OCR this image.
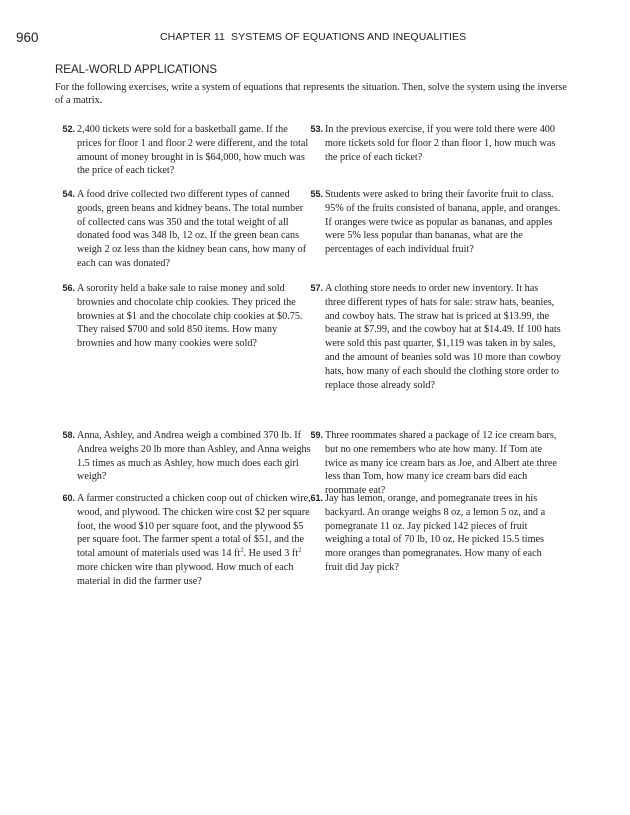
960	CHAPTER 11 SYSTEMS OF EQUATIONS AND INEQUALITIES
REAL-WORLD APPLICATIONS
For the following exercises, write a system of equations that represents the situation. Then, solve the system using the inverse of a matrix.
52. 2,400 tickets were sold for a basketball game. If the prices for floor 1 and floor 2 were different, and the total amount of money brought in is $64,000, how much was the price of each ticket?
53. In the previous exercise, if you were told there were 400 more tickets sold for floor 2 than floor 1, how much was the price of each ticket?
54. A food drive collected two different types of canned goods, green beans and kidney beans. The total number of collected cans was 350 and the total weight of all donated food was 348 lb, 12 oz. If the green bean cans weigh 2 oz less than the kidney bean cans, how many of each can was donated?
55. Students were asked to bring their favorite fruit to class. 95% of the fruits consisted of banana, apple, and oranges. If oranges were twice as popular as bananas, and apples were 5% less popular than bananas, what are the percentages of each individual fruit?
56. A sorority held a bake sale to raise money and sold brownies and chocolate chip cookies. They priced the brownies at $1 and the chocolate chip cookies at $0.75. They raised $700 and sold 850 items. How many brownies and how many cookies were sold?
57. A clothing store needs to order new inventory. It has three different types of hats for sale: straw hats, beanies, and cowboy hats. The straw hat is priced at $13.99, the beanie at $7.99, and the cowboy hat at $14.49. If 100 hats were sold this past quarter, $1,119 was taken in by sales, and the amount of beanies sold was 10 more than cowboy hats, how many of each should the clothing store order to replace those already sold?
58. Anna, Ashley, and Andrea weigh a combined 370 lb. If Andrea weighs 20 lb more than Ashley, and Anna weighs 1.5 times as much as Ashley, how much does each girl weigh?
59. Three roommates shared a package of 12 ice cream bars, but no one remembers who ate how many. If Tom ate twice as many ice cream bars as Joe, and Albert ate three less than Tom, how many ice cream bars did each roommate eat?
60. A farmer constructed a chicken coop out of chicken wire, wood, and plywood. The chicken wire cost $2 per square foot, the wood $10 per square foot, and the plywood $5 per square foot. The farmer spent a total of $51, and the total amount of materials used was 14 $ft^2$. He used 3 $ft^2$ more chicken wire than plywood. How much of each material in did the farmer use?
61. Jay has lemon, orange, and pomegranate trees in his backyard. An orange weighs 8 oz, a lemon 5 oz, and a pomegranate 11 oz. Jay picked 142 pieces of fruit weighing a total of 70 lb, 10 oz. He picked 15.5 times more oranges than pomegranates. How many of each fruit did Jay pick?
